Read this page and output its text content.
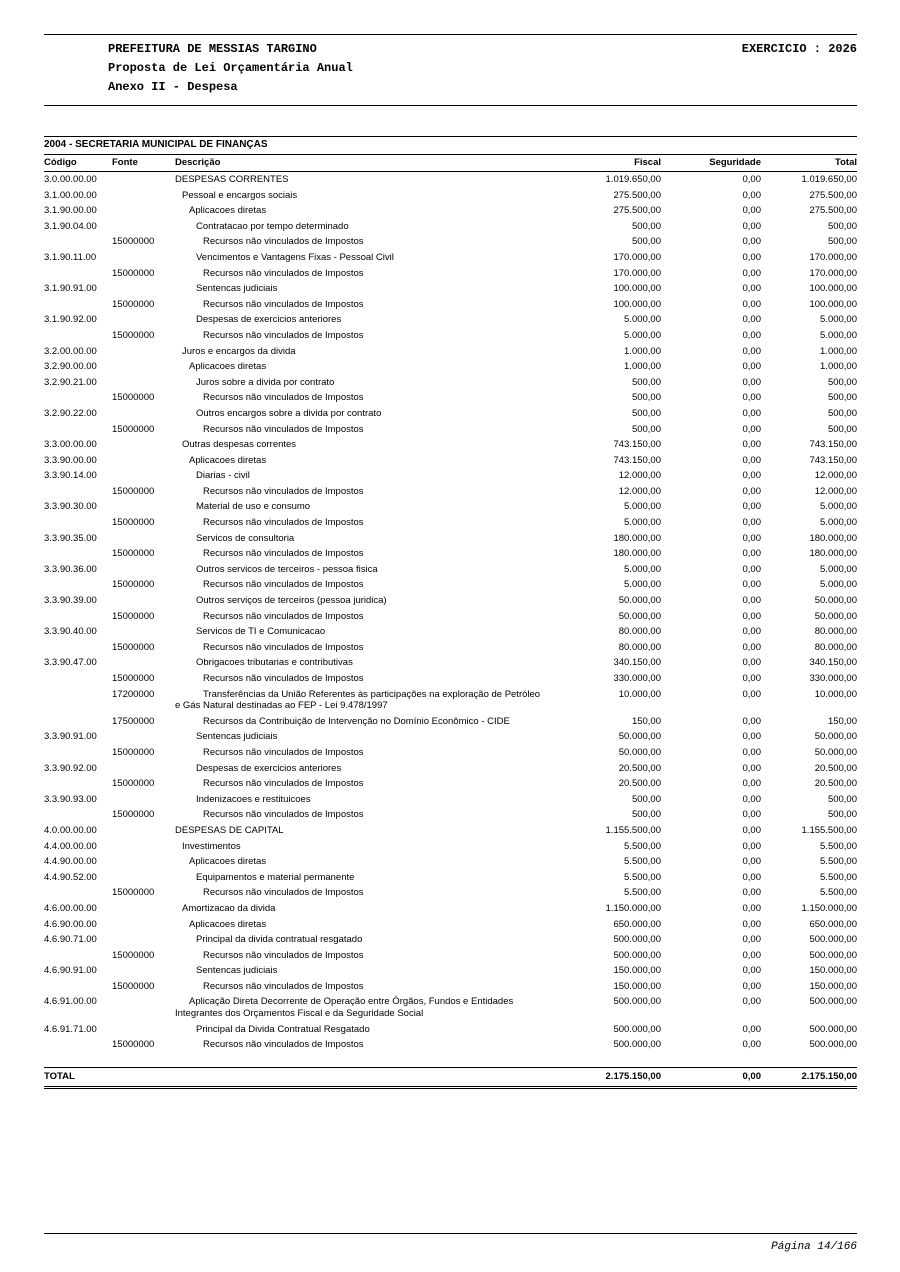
PREFEITURA DE MESSIAS TARGINO	EXERCICIO : 2026
Proposta de Lei Orçamentária Anual
Anexo II - Despesa
2004 - SECRETARIA MUNICIPAL DE FINANÇAS
Código	Fonte	Descrição	Fiscal	Seguridade	Total
3.0.00.00.00		DESPESAS CORRENTES	1.019.650,00	0,00	1.019.650,00
3.1.00.00.00		Pessoal e encargos sociais	275.500,00	0,00	275.500,00
3.1.90.00.00		Aplicacoes diretas	275.500,00	0,00	275.500,00
3.1.90.04.00		Contratacao por tempo determinado	500,00	0,00	500,00
	15000000	Recursos não vinculados de Impostos	500,00	0,00	500,00
3.1.90.11.00		Vencimentos e Vantagens Fixas - Pessoal Civil	170.000,00	0,00	170.000,00
	15000000	Recursos não vinculados de Impostos	170.000,00	0,00	170.000,00
3.1.90.91.00		Sentencas judiciais	100.000,00	0,00	100.000,00
	15000000	Recursos não vinculados de Impostos	100.000,00	0,00	100.000,00
3.1.90.92.00		Despesas de exercicios anteriores	5.000,00	0,00	5.000,00
	15000000	Recursos não vinculados de Impostos	5.000,00	0,00	5.000,00
3.2.00.00.00		Juros e encargos da divida	1.000,00	0,00	1.000,00
3.2.90.00.00		Aplicacoes diretas	1.000,00	0,00	1.000,00
3.2.90.21.00		Juros sobre a divida por contrato	500,00	0,00	500,00
	15000000	Recursos não vinculados de Impostos	500,00	0,00	500,00
3.2.90.22.00		Outros encargos sobre a divida por contrato	500,00	0,00	500,00
	15000000	Recursos não vinculados de Impostos	500,00	0,00	500,00
3.3.00.00.00		Outras despesas correntes	743.150,00	0,00	743.150,00
3.3.90.00.00		Aplicacoes diretas	743.150,00	0,00	743.150,00
3.3.90.14.00		Diarias - civil	12.000,00	0,00	12.000,00
	15000000	Recursos não vinculados de Impostos	12.000,00	0,00	12.000,00
3.3.90.30.00		Material de uso e consumo	5.000,00	0,00	5.000,00
	15000000	Recursos não vinculados de Impostos	5.000,00	0,00	5.000,00
3.3.90.35.00		Servicos de consultoria	180.000,00	0,00	180.000,00
	15000000	Recursos não vinculados de Impostos	180.000,00	0,00	180.000,00
3.3.90.36.00		Outros servicos de terceiros - pessoa fisica	5.000,00	0,00	5.000,00
	15000000	Recursos não vinculados de Impostos	5.000,00	0,00	5.000,00
3.3.90.39.00		Outros serviços de terceiros (pessoa juridica)	50.000,00	0,00	50.000,00
	15000000	Recursos não vinculados de Impostos	50.000,00	0,00	50.000,00
3.3.90.40.00		Servicos de TI e Comunicacao	80.000,00	0,00	80.000,00
	15000000	Recursos não vinculados de Impostos	80.000,00	0,00	80.000,00
3.3.90.47.00		Obrigacoes tributarias e contributivas	340.150,00	0,00	340.150,00
	15000000	Recursos não vinculados de Impostos	330.000,00	0,00	330.000,00
	17200000	Transferências da União Referentes às participações na exploração de Petróleo e Gás Natural destinadas ao FEP - Lei 9.478/1997	10.000,00	0,00	10.000,00
	17500000	Recursos da Contribuição de Intervenção no Domínio Econômico - CIDE	150,00	0,00	150,00
3.3.90.91.00		Sentencas judiciais	50.000,00	0,00	50.000,00
	15000000	Recursos não vinculados de Impostos	50.000,00	0,00	50.000,00
3.3.90.92.00		Despesas de exercicios anteriores	20.500,00	0,00	20.500,00
	15000000	Recursos não vinculados de Impostos	20.500,00	0,00	20.500,00
3.3.90.93.00		Indenizacoes e restituicoes	500,00	0,00	500,00
	15000000	Recursos não vinculados de Impostos	500,00	0,00	500,00
4.0.00.00.00		DESPESAS DE CAPITAL	1.155.500,00	0,00	1.155.500,00
4.4.00.00.00		Investimentos	5.500,00	0,00	5.500,00
4.4.90.00.00		Aplicacoes diretas	5.500,00	0,00	5.500,00
4.4.90.52.00		Equipamentos e material permanente	5.500,00	0,00	5.500,00
	15000000	Recursos não vinculados de Impostos	5.500,00	0,00	5.500,00
4.6.00.00.00		Amortizacao da divida	1.150.000,00	0,00	1.150.000,00
4.6.90.00.00		Aplicacoes diretas	650.000,00	0,00	650.000,00
4.6.90.71.00		Principal da divida contratual resgatado	500.000,00	0,00	500.000,00
	15000000	Recursos não vinculados de Impostos	500.000,00	0,00	500.000,00
4.6.90.91.00		Sentencas judiciais	150.000,00	0,00	150.000,00
	15000000	Recursos não vinculados de Impostos	150.000,00	0,00	150.000,00
4.6.91.00.00		Aplicação Direta Decorrente de Operação entre Órgãos, Fundos e Entidades Integrantes dos Orçamentos Fiscal e da Seguridade Social	500.000,00	0,00	500.000,00
4.6.91.71.00		Principal da Divida Contratual Resgatado	500.000,00	0,00	500.000,00
	15000000	Recursos não vinculados de Impostos	500.000,00	0,00	500.000,00

TOTAL			2.175.150,00	0,00	2.175.150,00
Página 14/166
